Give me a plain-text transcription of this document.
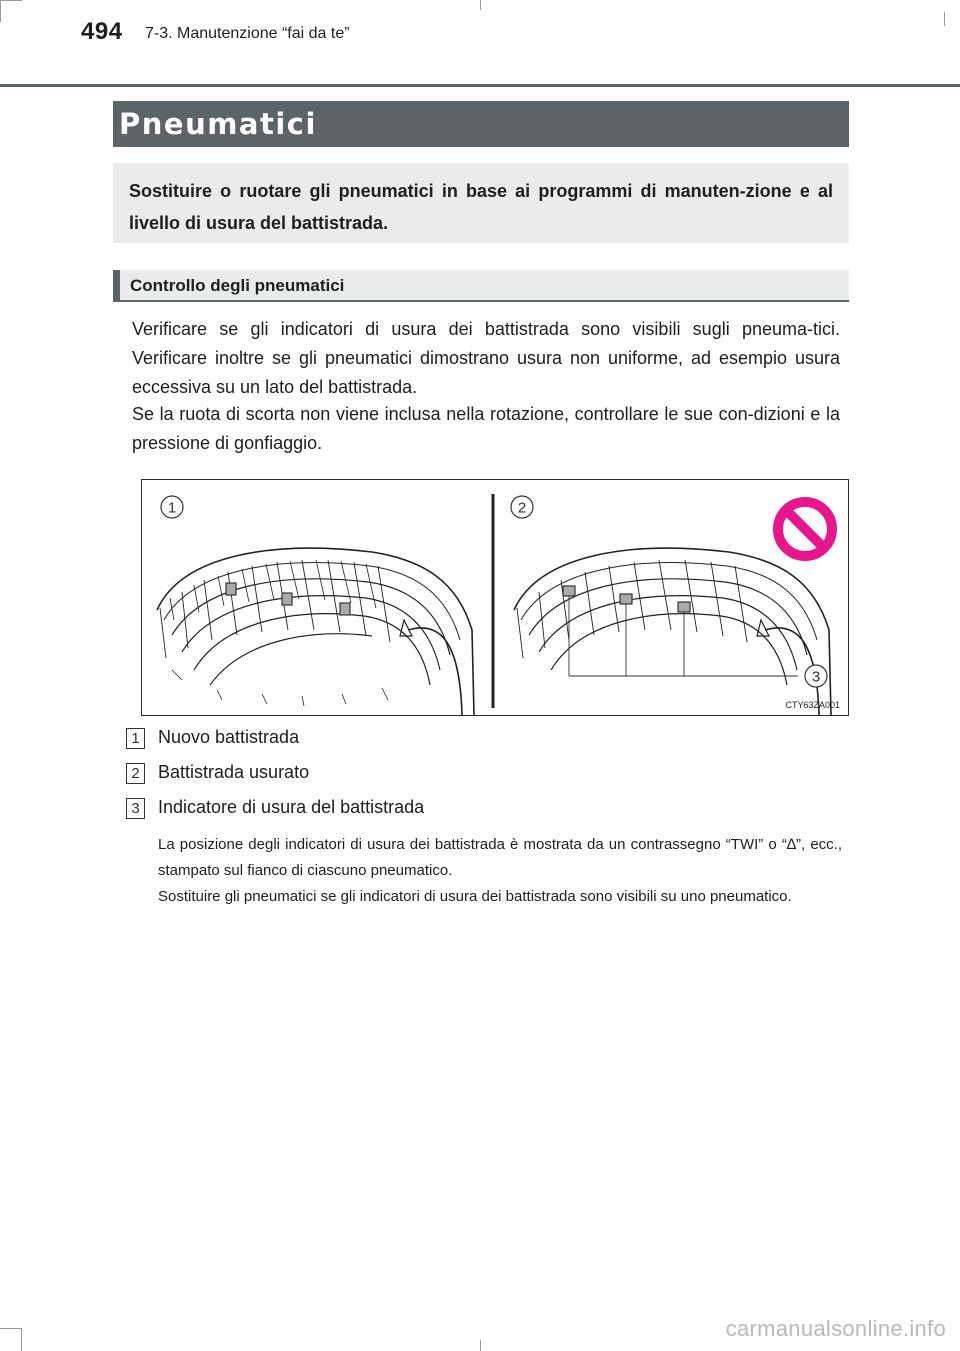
494 7-3. Manutenzione “fai da te”
Pneumatici
Sostituire o ruotare gli pneumatici in base ai programmi di manuten-zione e al livello di usura del battistrada.
Controllo degli pneumatici
Verificare se gli indicatori di usura dei battistrada sono visibili sugli pneuma-tici. Verificare inoltre se gli pneumatici dimostrano usura non uniforme, ad esempio usura eccessiva su un lato del battistrada.
Se la ruota di scorta non viene inclusa nella rotazione, controllare le sue con-dizioni e la pressione di gonfiaggio.
1	2
3
CTY63ZA001
1 Nuovo battistrada
2 Battistrada usurato
3 Indicatore di usura del battistrada
La posizione degli indicatori di usura dei battistrada è mostrata da un contrassegno “TWI” o “∆”, ecc., stampato sul fianco di ciascuno pneumatico.
Sostituire gli pneumatici se gli indicatori di usura dei battistrada sono visibili su uno pneumatico.
carmanualsonline.info
